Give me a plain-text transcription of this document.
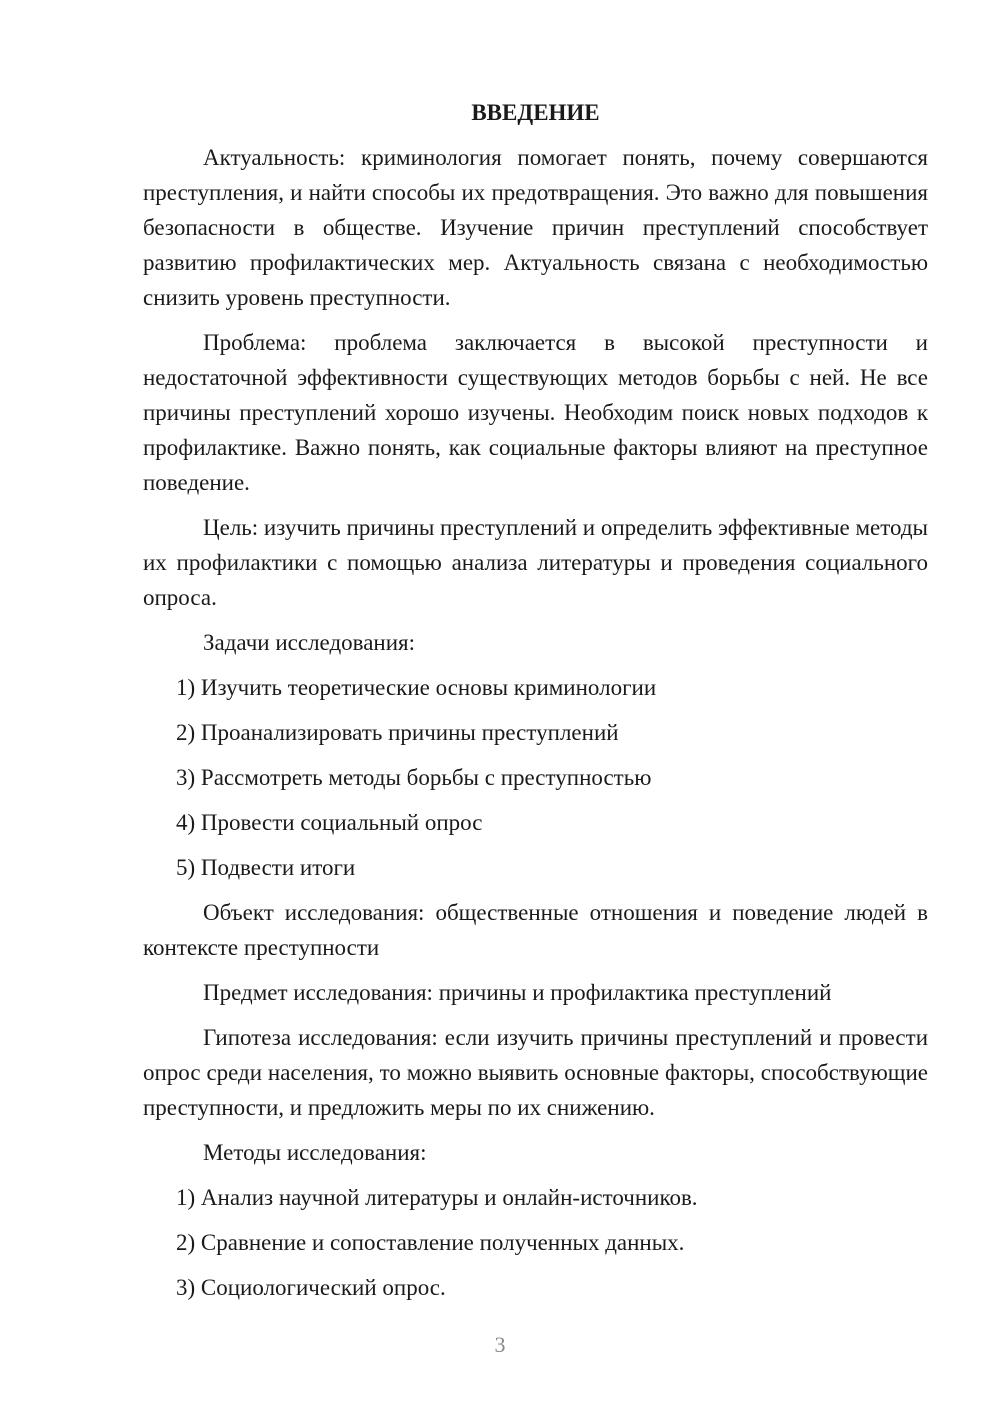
ВВЕДЕНИЕ

Актуальность: криминология помогает понять, почему совершаются преступления, и найти способы их предотвращения. Это важно для повышения безопасности в обществе. Изучение причин преступлений способствует развитию профилактических мер. Актуальность связана с необходимостью снизить уровень преступности.

Проблема: проблема заключается в высокой преступности и недостаточной эффективности существующих методов борьбы с ней. Не все причины преступлений хорошо изучены. Необходим поиск новых подходов к профилактике. Важно понять, как социальные факторы влияют на преступное поведение.

Цель: изучить причины преступлений и определить эффективные методы их профилактики с помощью анализа литературы и проведения социального опроса.

Задачи исследования:

1) Изучить теоретические основы криминологии

2) Проанализировать причины преступлений

3) Рассмотреть методы борьбы с преступностью

4) Провести социальный опрос

5) Подвести итоги

Объект исследования: общественные отношения и поведение людей в контексте преступности

Предмет исследования: причины и профилактика преступлений

Гипотеза исследования: если изучить причины преступлений и провести опрос среди населения, то можно выявить основные факторы, способствующие преступности, и предложить меры по их снижению.

Методы исследования:

1) Анализ научной литературы и онлайн-источников.

2) Сравнение и сопоставление полученных данных.

3) Социологический опрос.

3
